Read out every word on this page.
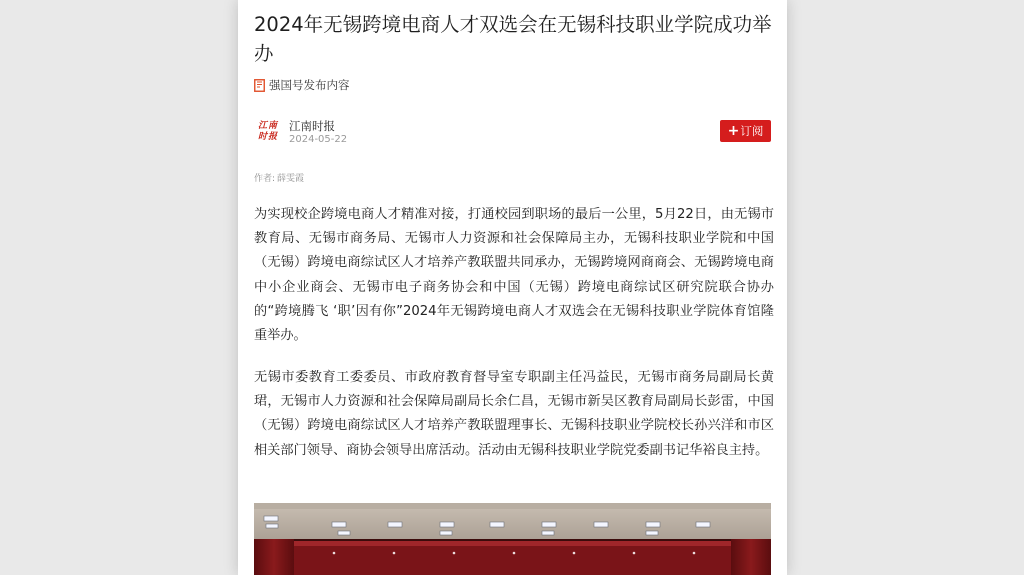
2024年无锡跨境电商人才双选会在无锡科技职业学院成功举办
强国号发布内容
江南
时报
江南时报
2024-05-22
+ 订阅
作者: 薛雯霞

为实现校企跨境电商人才精准对接，打通校园到职场的最后一公里，5月22日，由无锡市教育局、无锡市商务局、无锡市人力资源和社会保障局主办，无锡科技职业学院和中国（无锡）跨境电商综试区人才培养产教联盟共同承办，无锡跨境网商商会、无锡跨境电商中小企业商会、无锡市电子商务协会和中国（无锡）跨境电商综试区研究院联合协办的“跨境腾飞 ‘职’因有你”2024年无锡跨境电商人才双选会在无锡科技职业学院体育馆隆重举办。

无锡市委教育工委委员、市政府教育督导室专职副主任冯益民，无锡市商务局副局长黄珺，无锡市人力资源和社会保障局副局长余仁昌，无锡市新吴区教育局副局长彭雷，中国（无锡）跨境电商综试区人才培养产教联盟理事长、无锡科技职业学院校长孙兴洋和市区相关部门领导、商协会领导出席活动。活动由无锡科技职业学院党委副书记华裕良主持。
